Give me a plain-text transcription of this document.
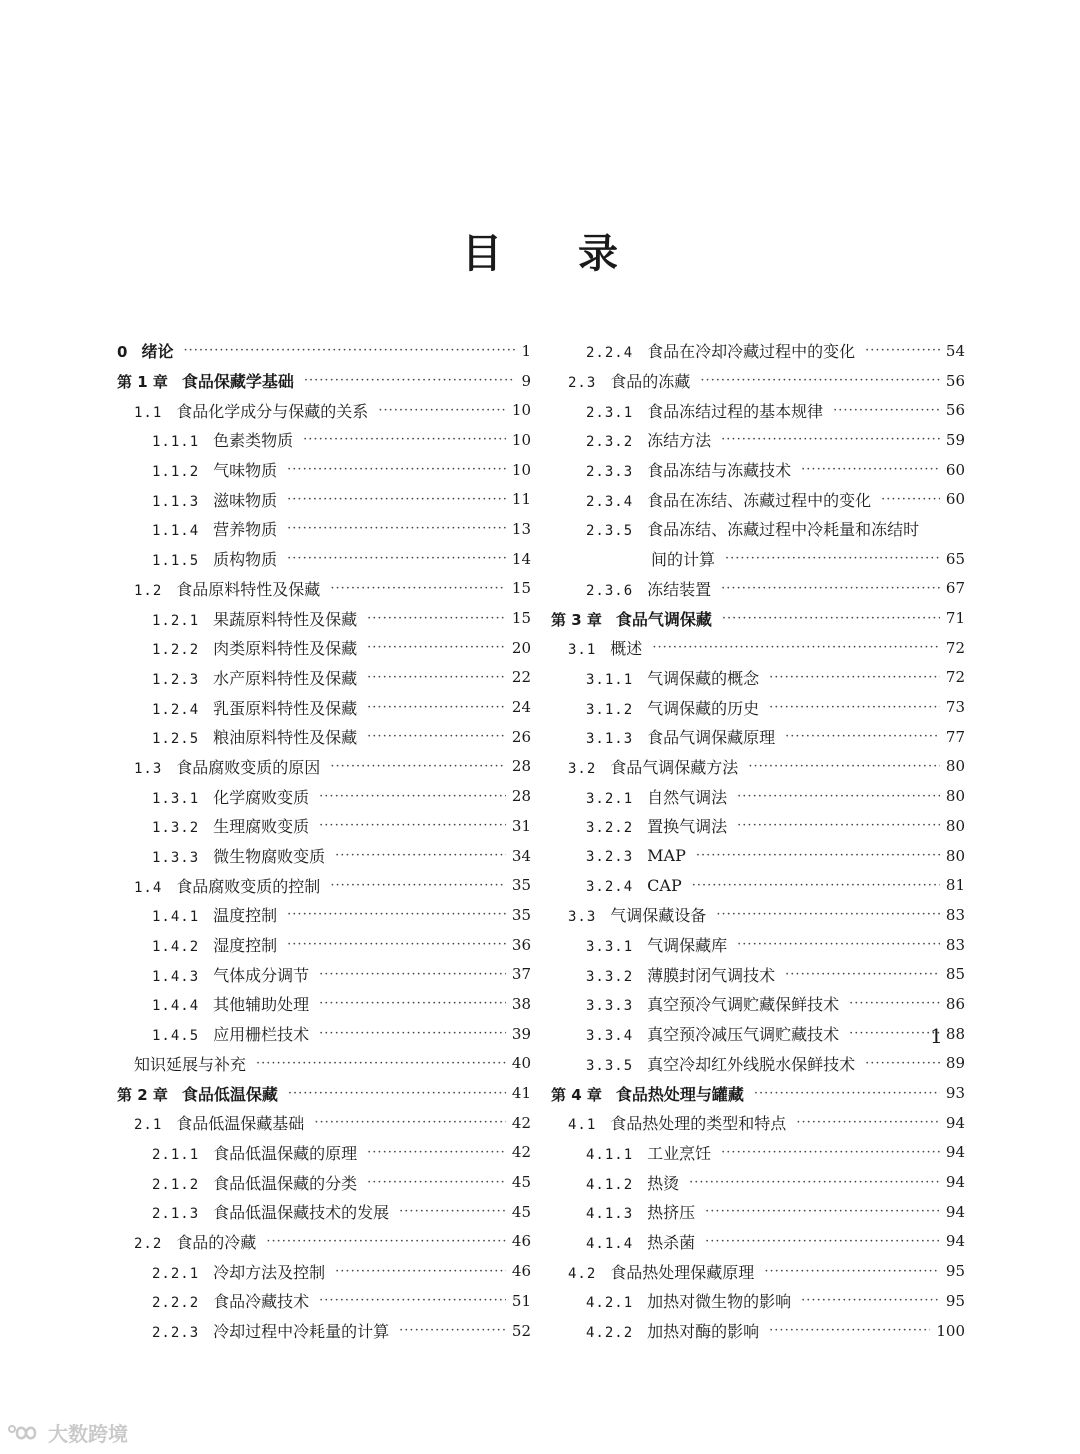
目 录
0 绪论 ·····	1
第 1 章 食品保藏学基础 ·····	9
1.1 食品化学成分与保藏的关系 ·····	10
1.1.1 色素类物质 ·····	10
1.1.2 气味物质 ·····	10
1.1.3 滋味物质 ·····	11
1.1.4 营养物质 ·····	13
1.1.5 质构物质 ·····	14
1.2 食品原料特性及保藏 ·····	15
1.2.1 果蔬原料特性及保藏 ·····	15
1.2.2 肉类原料特性及保藏 ·····	20
1.2.3 水产原料特性及保藏 ·····	22
1.2.4 乳蛋原料特性及保藏 ·····	24
1.2.5 粮油原料特性及保藏 ·····	26
1.3 食品腐败变质的原因 ·····	28
1.3.1 化学腐败变质 ·····	28
1.3.2 生理腐败变质 ·····	31
1.3.3 微生物腐败变质 ·····	34
1.4 食品腐败变质的控制 ·····	35
1.4.1 温度控制 ·····	35
1.4.2 湿度控制 ·····	36
1.4.3 气体成分调节 ·····	37
1.4.4 其他辅助处理 ·····	38
1.4.5 应用栅栏技术 ·····	39
知识延展与补充 ·····	40
第 2 章 食品低温保藏 ·····	41
2.1 食品低温保藏基础 ·····	42
2.1.1 食品低温保藏的原理 ·····	42
2.1.2 食品低温保藏的分类 ·····	45
2.1.3 食品低温保藏技术的发展 ·····	45
2.2 食品的冷藏 ·····	46
2.2.1 冷却方法及控制 ·····	46
2.2.2 食品冷藏技术 ·····	51
2.2.3 冷却过程中冷耗量的计算 ·····	52
2.2.4 食品在冷却冷藏过程中的变化 ·····	54
2.3 食品的冻藏 ·····	56
2.3.1 食品冻结过程的基本规律 ·····	56
2.3.2 冻结方法 ·····	59
2.3.3 食品冻结与冻藏技术 ·····	60
2.3.4 食品在冻结、冻藏过程中的变化 ·····	60
2.3.5 食品冻结、冻藏过程中冷耗量和冻结时
间的计算 ·····	65
2.3.6 冻结装置 ·····	67
第 3 章 食品气调保藏 ·····	71
3.1 概述 ·····	72
3.1.1 气调保藏的概念 ·····	72
3.1.2 气调保藏的历史 ·····	73
3.1.3 食品气调保藏原理 ·····	77
3.2 食品气调保藏方法 ·····	80
3.2.1 自然气调法 ·····	80
3.2.2 置换气调法 ·····	80
3.2.3 MAP ·····	80
3.2.4 CAP ·····	81
3.3 气调保藏设备 ·····	83
3.3.1 气调保藏库 ·····	83
3.3.2 薄膜封闭气调技术 ·····	85
3.3.3 真空预冷气调贮藏保鲜技术 ·····	86
3.3.4 真空预冷减压气调贮藏技术 ·····	88
3.3.5 真空冷却红外线脱水保鲜技术 ·····	89
第 4 章 食品热处理与罐藏 ·····	93
4.1 食品热处理的类型和特点 ·····	94
4.1.1 工业烹饪 ·····	94
4.1.2 热烫 ·····	94
4.1.3 热挤压 ·····	94
4.1.4 热杀菌 ·····	94
4.2 食品热处理保藏原理 ·····	95
4.2.1 加热对微生物的影响 ·····	95
4.2.2 加热对酶的影响 ·····	100
1
大数跨境
